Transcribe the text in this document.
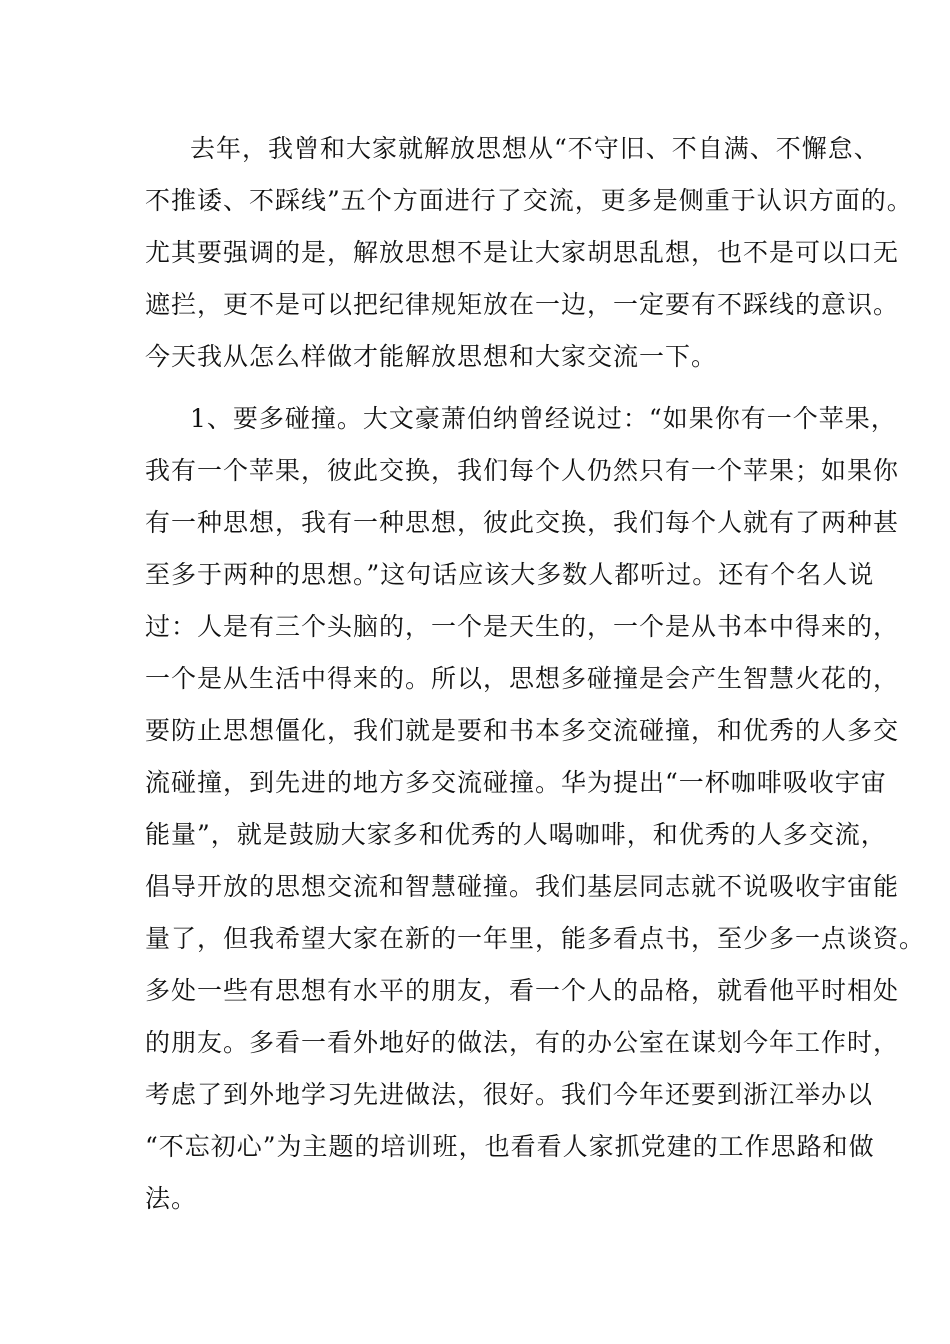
去年，我曾和大家就解放思想从“不守旧、不自满、不懈怠、
不推诿、不踩线”五个方面进行了交流，更多是侧重于认识方面的。
尤其要强调的是，解放思想不是让大家胡思乱想，也不是可以口无
遮拦，更不是可以把纪律规矩放在一边，一定要有不踩线的意识。
今天我从怎么样做才能解放思想和大家交流一下。
1、要多碰撞。大文豪萧伯纳曾经说过：“如果你有一个苹果，
我有一个苹果，彼此交换，我们每个人仍然只有一个苹果；如果你
有一种思想，我有一种思想，彼此交换，我们每个人就有了两种甚
至多于两种的思想。”这句话应该大多数人都听过。还有个名人说
过：人是有三个头脑的，一个是天生的，一个是从书本中得来的，
一个是从生活中得来的。所以，思想多碰撞是会产生智慧火花的，
要防止思想僵化，我们就是要和书本多交流碰撞，和优秀的人多交
流碰撞，到先进的地方多交流碰撞。华为提出“一杯咖啡吸收宇宙
能量”，就是鼓励大家多和优秀的人喝咖啡，和优秀的人多交流，
倡导开放的思想交流和智慧碰撞。我们基层同志就不说吸收宇宙能
量了，但我希望大家在新的一年里，能多看点书，至少多一点谈资。
多处一些有思想有水平的朋友，看一个人的品格，就看他平时相处
的朋友。多看一看外地好的做法，有的办公室在谋划今年工作时，
考虑了到外地学习先进做法，很好。我们今年还要到浙江举办以
“不忘初心”为主题的培训班，也看看人家抓党建的工作思路和做
法。
